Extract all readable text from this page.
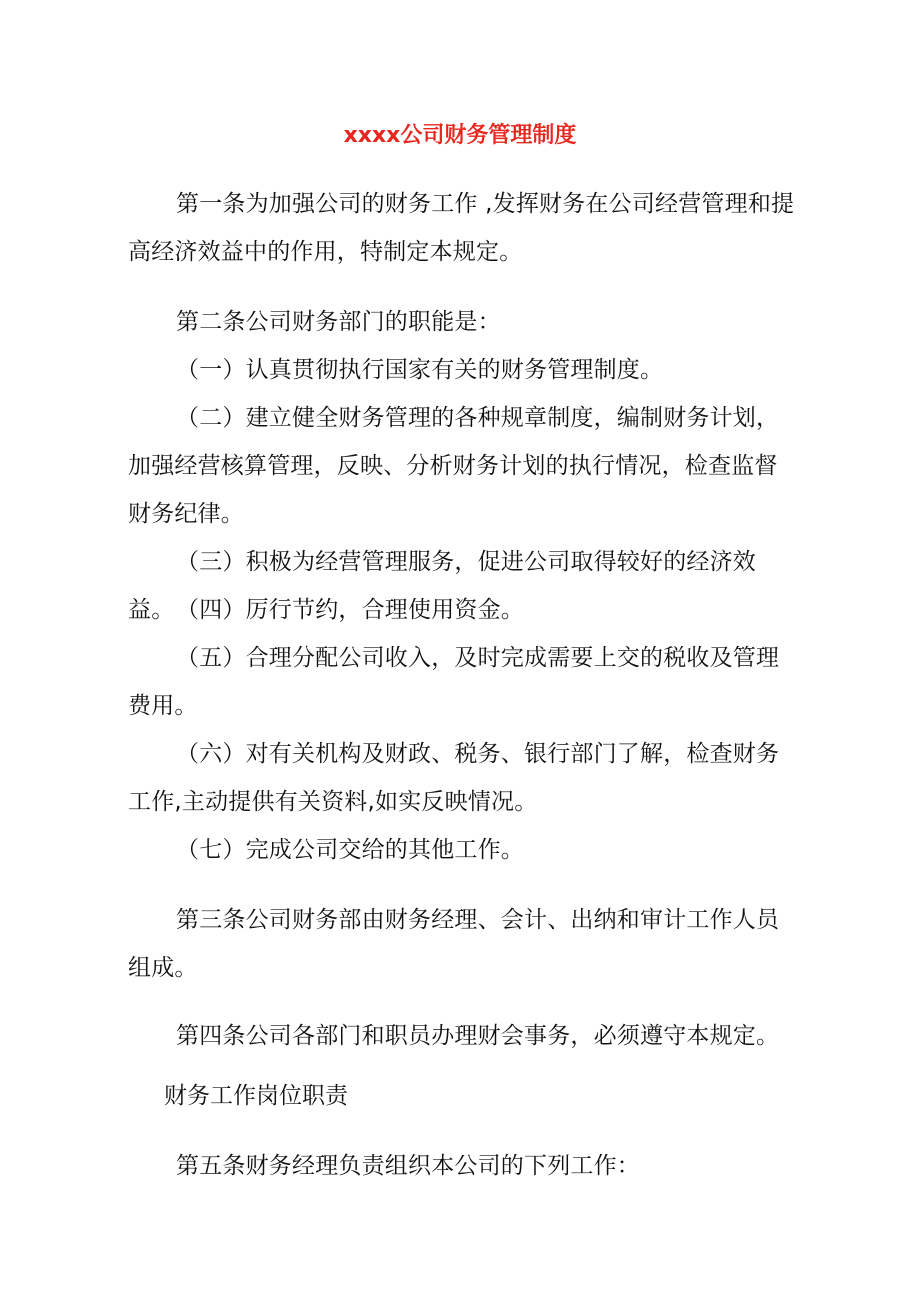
xxxx公司财务管理制度
第一条为加强公司的财务工作 ,发挥财务在公司经营管理和提高经济效益中的作用，特制定本规定。
第二条公司财务部门的职能是：
（一）认真贯彻执行国家有关的财务管理制度。
（二）建立健全财务管理的各种规章制度，编制财务计划，加强经营核算管理，反映、分析财务计划的执行情况，检查监督财务纪律。
（三）积极为经营管理服务，促进公司取得较好的经济效益。 （四）厉行节约，合理使用资金。
（五）合理分配公司收入，及时完成需要上交的税收及管理费用。
（六）对有关机构及财政、税务、银行部门了解，检查财务工作,主动提供有关资料,如实反映情况。
（七）完成公司交给的其他工作。
第三条公司财务部由财务经理、会计、出纳和审计工作人员组成。
第四条公司各部门和职员办理财会事务，必须遵守本规定。
财务工作岗位职责
第五条财务经理负责组织本公司的下列工作：
